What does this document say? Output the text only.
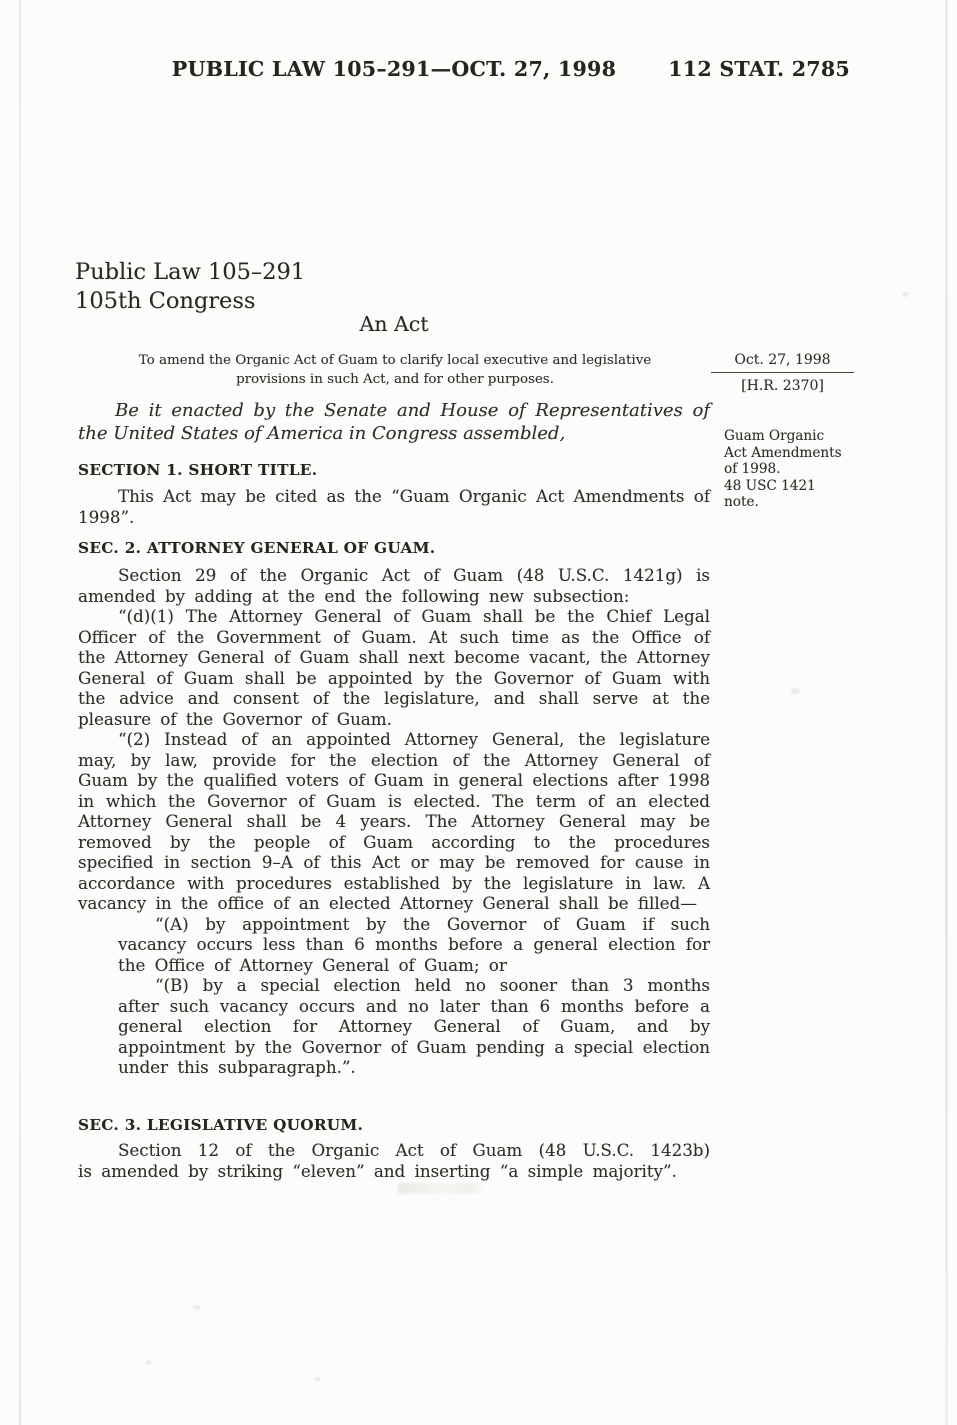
PUBLIC LAW 105–291—OCT. 27, 1998	112 STAT. 2785
Public Law 105–291
105th Congress
An Act
To amend the Organic Act of Guam to clarify local executive and legislative provisions in such Act, and for other purposes.
Oct. 27, 1998
[H.R. 2370]
Be it enacted by the Senate and House of Representatives of
the United States of America in Congress assembled,	Guam Organic Act Amendments of 1998.
48 USC 1421 note.
SECTION 1. SHORT TITLE.

This Act may be cited as the “Guam Organic Act Amendments of 1998”.

SEC. 2. ATTORNEY GENERAL OF GUAM.

Section 29 of the Organic Act of Guam (48 U.S.C. 1421g) is amended by adding at the end the following new subsection:

“(d)(1) The Attorney General of Guam shall be the Chief Legal Officer of the Government of Guam. At such time as the Office of the Attorney General of Guam shall next become vacant, the Attorney General of Guam shall be appointed by the Governor of Guam with the advice and consent of the legislature, and shall serve at the pleasure of the Governor of Guam.

“(2) Instead of an appointed Attorney General, the legislature may, by law, provide for the election of the Attorney General of Guam by the qualified voters of Guam in general elections after 1998 in which the Governor of Guam is elected. The term of an elected Attorney General shall be 4 years. The Attorney General may be removed by the people of Guam according to the procedures specified in section 9–A of this Act or may be removed for cause in accordance with procedures established by the legislature in law. A vacancy in the office of an elected Attorney General shall be filled—

“(A) by appointment by the Governor of Guam if such vacancy occurs less than 6 months before a general election for the Office of Attorney General of Guam; or

“(B) by a special election held no sooner than 3 months after such vacancy occurs and no later than 6 months before a general election for Attorney General of Guam, and by appointment by the Governor of Guam pending a special election under this subparagraph.”.

SEC. 3. LEGISLATIVE QUORUM.
Section 12 of the Organic Act of Guam (48 U.S.C. 1423b)
is amended by striking “eleven” and inserting “a simple majority”.
